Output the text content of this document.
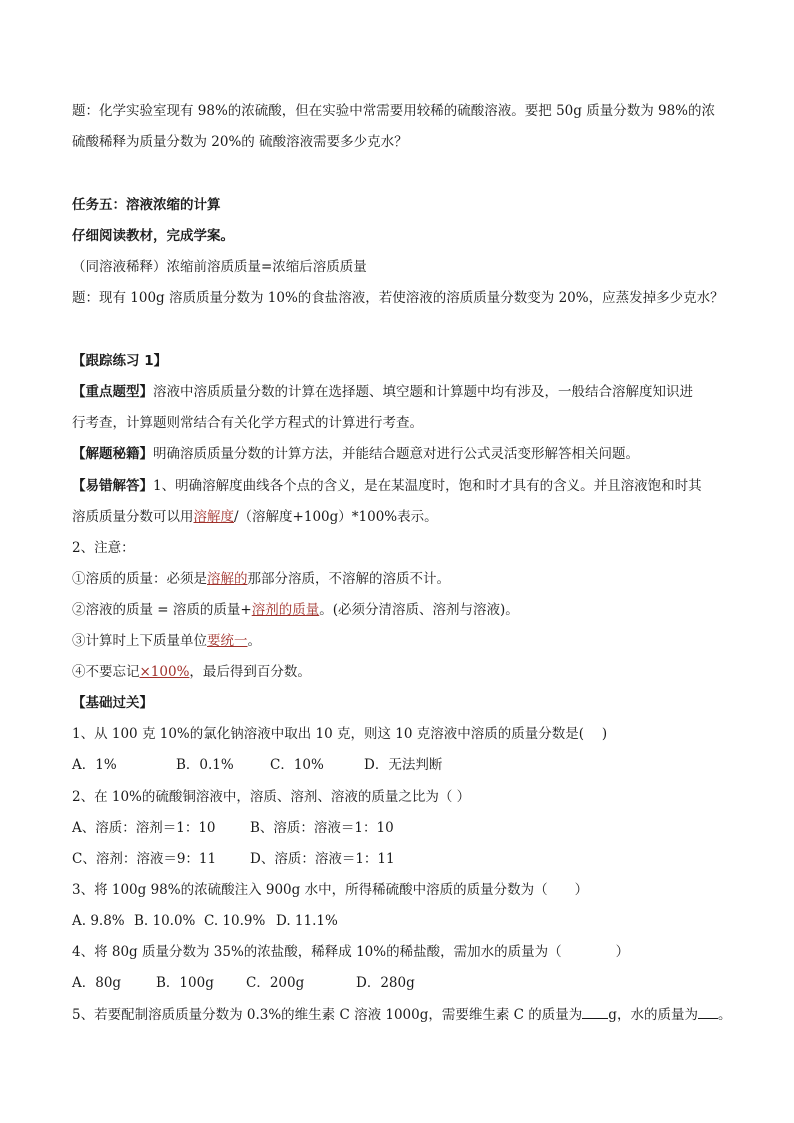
题：化学实验室现有 98%的浓硫酸，但在实验中常需要用较稀的硫酸溶液。要把 50g 质量分数为 98%的浓
硫酸稀释为质量分数为 20%的 硫酸溶液需要多少克水？
任务五：溶液浓缩的计算
仔细阅读教材，完成学案。
（同溶液稀释）浓缩前溶质质量=浓缩后溶质质量
题：现有 100g 溶质质量分数为 10%的食盐溶液，若使溶液的溶质质量分数变为 20%，应蒸发掉多少克水？
【跟踪练习 1】
【重点题型】溶液中溶质质量分数的计算在选择题、填空题和计算题中均有涉及，一般结合溶解度知识进
行考查，计算题则常结合有关化学方程式的计算进行考查。
【解题秘籍】明确溶质质量分数的计算方法，并能结合题意对进行公式灵活变形解答相关问题。
【易错解答】1、明确溶解度曲线各个点的含义，是在某温度时，饱和时才具有的含义。并且溶液饱和时其
溶质质量分数可以用溶解度/（溶解度+100g）*100%表示。
2、注意：
①溶质的质量：必须是溶解的那部分溶质，不溶解的溶质不计。
②溶液的质量 = 溶质的质量+溶剂的质量。(必须分清溶质、溶剂与溶液)。
③计算时上下质量单位要统一。
④不要忘记×100%，最后得到百分数。
【基础过关】
1、从 100 克 10%的氯化钠溶液中取出 10 克，则这 10 克溶液中溶质的质量分数是(　 )
A．1%	B．0.1%	C．10%	D．无法判断
2、在 10%的硫酸铜溶液中，溶质、溶剂、溶液的质量之比为（ ）
A、溶质：溶剂＝1：10	B、溶质：溶液＝1：10
C、溶剂：溶液＝9：11	D、溶质：溶液＝1：11
3、将 100g 98%的浓硫酸注入 900g 水中，所得稀硫酸中溶质的质量分数为（　　）
A. 9.8% B. 10.0% C. 10.9% D. 11.1%
4、将 80g 质量分数为 35%的浓盐酸，稀释成 10%的稀盐酸，需加水的质量为（　　　　）
A．80g	B．100g C．200g	D．280g
5、若要配制溶质质量分数为 0.3%的维生素 C 溶液 1000g，需要维生素 C 的质量为 g，水的质量为 。
